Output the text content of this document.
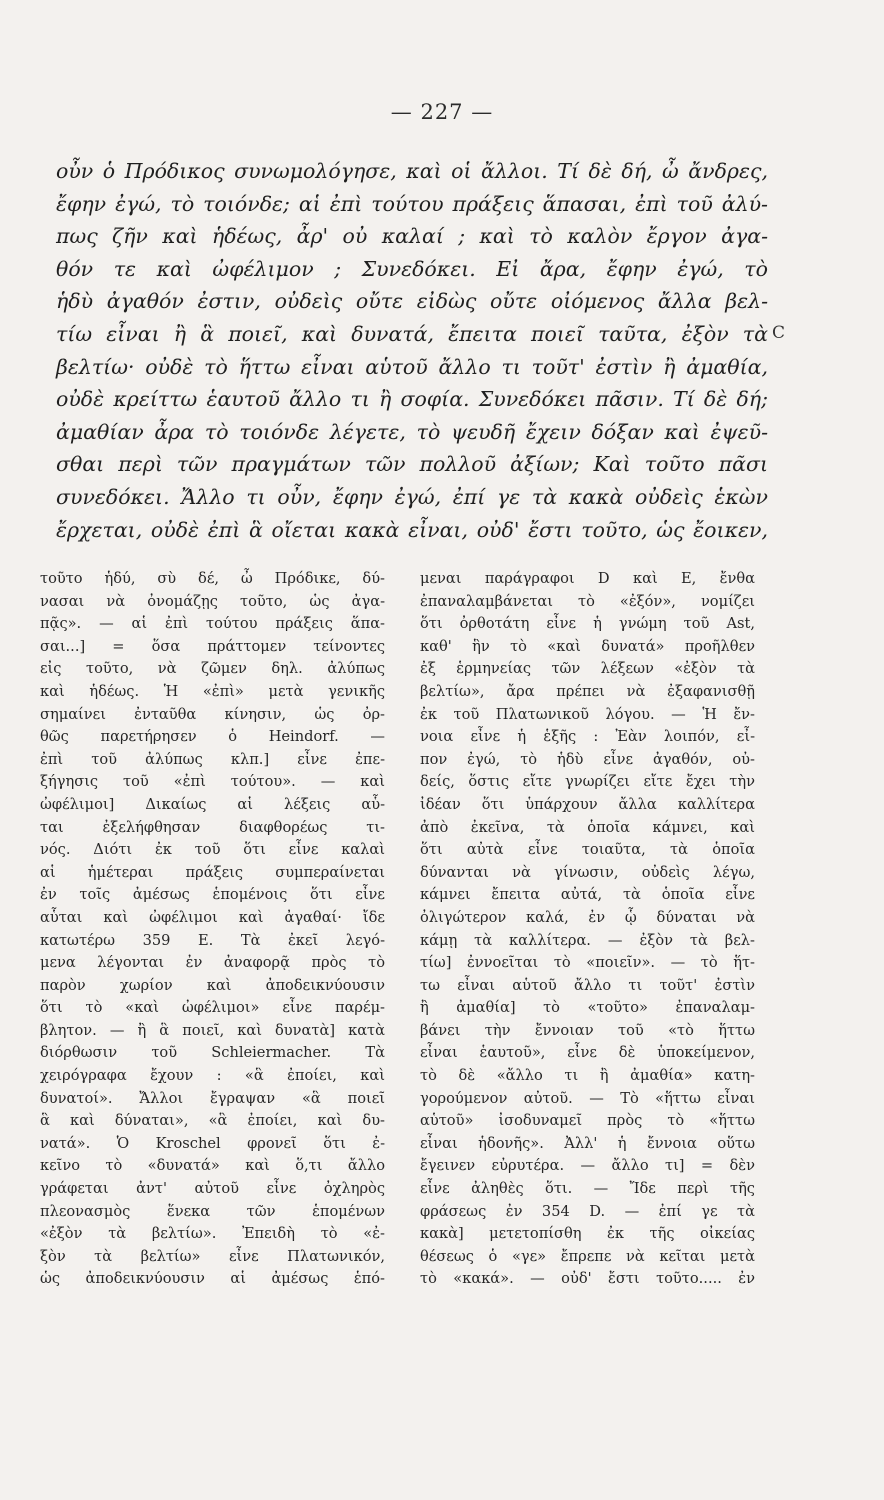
— 227 —
οὖν ὁ Πρόδικος συνωμολόγησε, καὶ οἱ ἄλλοι. Τί δὲ δή, ὦ ἄνδρες,
ἔφην ἐγώ, τὸ τοιόνδε; αἱ ἐπὶ τούτου πράξεις ἅπασαι, ἐπὶ τοῦ ἀλύ-
πως ζῆν καὶ ἡδέως, ἆρ' οὐ καλαί ; καὶ τὸ καλὸν ἔργον ἀγα-
θόν τε καὶ ὠφέλιμον ; Συνεδόκει. Εἰ ἄρα, ἔφην ἐγώ, τὸ
ἡδὺ ἀγαθόν ἐστιν, οὐδεὶς οὔτε εἰδὼς οὔτε οἰόμενος ἄλλα βελ-
τίω εἶναι ἢ ἃ ποιεῖ, καὶ δυνατά, ἔπειτα ποιεῖ ταῦτα, ἐξὸν τὰ
βελτίω· οὐδὲ τὸ ἥττω εἶναι αὑτοῦ ἄλλο τι τοῦτ' ἐστὶν ἢ ἀμαθία,
οὐδὲ κρείττω ἑαυτοῦ ἄλλο τι ἢ σοφία. Συνεδόκει πᾶσιν. Τί δὲ δή;
ἀμαθίαν ἆρα τὸ τοιόνδε λέγετε, τὸ ψευδῆ ἔχειν δόξαν καὶ ἐψεῦ-
σθαι περὶ τῶν πραγμάτων τῶν πολλοῦ ἀξίων; Καὶ τοῦτο πᾶσι
συνεδόκει. Ἄλλο τι οὖν, ἔφην ἐγώ, ἐπί γε τὰ κακὰ οὐδεὶς ἑκὼν
ἔρχεται, οὐδὲ ἐπὶ ἃ οἴεται κακὰ εἶναι, οὐδ' ἔστι τοῦτο, ὡς ἔοικεν,
C
τοῦτο ἡδύ, σὺ δέ, ὦ Πρόδικε, δύ-
νασαι νὰ ὀνομάζῃς τοῦτο, ὡς ἀγα-
πᾷς». — αἱ ἐπὶ τούτου πράξεις ἅπα-
σαι...] = ὅσα πράττομεν τείνοντες
εἰς τοῦτο, νὰ ζῶμεν δηλ. ἀλύπως
καὶ ἡδέως. Ἡ «ἐπὶ» μετὰ γενικῆς
σημαίνει ἐνταῦθα κίνησιν, ὡς ὀρ-
θῶς παρετήρησεν ὁ Heindorf. —
ἐπὶ τοῦ ἀλύπως κλπ.] εἶνε ἐπε-
ξήγησις τοῦ «ἐπὶ τούτου». — καὶ
ὠφέλιμοι] Δικαίως αἱ λέξεις αὗ-
ται ἐξελήφθησαν διαφθορέως τι-
νός. Διότι ἐκ τοῦ ὅτι εἶνε καλαὶ
αἱ ἡμέτεραι πράξεις συμπεραίνεται
ἐν τοῖς ἀμέσως ἑπομένοις ὅτι εἶνε
αὗται καὶ ὠφέλιμοι καὶ ἀγαθαί· ἴδε
κατωτέρω 359 Ε. Τὰ ἐκεῖ λεγό-
μενα λέγονται ἐν ἀναφορᾷ πρὸς τὸ
παρὸν χωρίον καὶ ἀποδεικνύουσιν
ὅτι τὸ «καὶ ὠφέλιμοι» εἶνε παρέμ-
βλητον. — ἢ ἃ ποιεῖ, καὶ δυνατὰ] κατὰ
διόρθωσιν τοῦ Schleiermacher. Τὰ
χειρόγραφα ἔχουν : «ἃ ἐποίει, καὶ
δυνατοί». Ἄλλοι ἔγραψαν «ἃ ποιεῖ
ἃ καὶ δύναται», «ἃ ἐποίει, καὶ δυ-
νατά». Ὁ Kroschel φρονεῖ ὅτι ἐ-
κεῖνο τὸ «δυνατά» καὶ ὅ,τι ἄλλο
γράφεται ἀντ' αὐτοῦ εἶνε ὀχληρὸς
πλεονασμὸς ἕνεκα τῶν ἑπομένων
«ἐξὸν τὰ βελτίω». Ἐπειδὴ τὸ «ἐ-
ξὸν τὰ βελτίω» εἶνε Πλατωνικόν,
ὡς ἀποδεικνύουσιν αἱ ἀμέσως ἑπό-
μεναι παράγραφοι D καὶ E, ἔνθα
ἐπαναλαμβάνεται τὸ «ἐξόν», νομίζει
ὅτι ὀρθοτάτη εἶνε ἡ γνώμη τοῦ Ast,
καθ' ἣν τὸ «καὶ δυνατά» προῆλθεν
ἐξ ἑρμηνείας τῶν λέξεων «ἐξὸν τὰ
βελτίω», ἄρα πρέπει νὰ ἐξαφανισθῇ
ἐκ τοῦ Πλατωνικοῦ λόγου. — Ἡ ἔν-
νοια εἶνε ἡ ἑξῆς : Ἐὰν λοιπόν, εἶ-
πον ἐγώ, τὸ ἡδὺ εἶνε ἀγαθόν, οὐ-
δείς, ὅστις εἴτε γνωρίζει εἴτε ἔχει τὴν
ἰδέαν ὅτι ὑπάρχουν ἄλλα καλλίτερα
ἀπὸ ἐκεῖνα, τὰ ὁποῖα κάμνει, καὶ
ὅτι αὐτὰ εἶνε τοιαῦτα, τὰ ὁποῖα
δύνανται νὰ γίνωσιν, οὐδεὶς λέγω,
κάμνει ἔπειτα αὐτά, τὰ ὁποῖα εἶνε
ὀλιγώτερον καλά, ἐν ᾧ δύναται νὰ
κάμῃ τὰ καλλίτερα. — ἐξὸν τὰ βελ-
τίω] ἐννοεῖται τὸ «ποιεῖν». — τὸ ἥτ-
τω εἶναι αὑτοῦ ἄλλο τι τοῦτ' ἐστὶν
ἢ ἀμαθία] τὸ «τοῦτο» ἐπαναλαμ-
βάνει τὴν ἔννοιαν τοῦ «τὸ ἥττω
εἶναι ἑαυτοῦ», εἶνε δὲ ὑποκείμενον,
τὸ δὲ «ἄλλο τι ἢ ἀμαθία» κατη-
γορούμενον αὐτοῦ. — Τὸ «ἥττω εἶναι
αὑτοῦ» ἰσοδυναμεῖ πρὸς τὸ «ἥττω
εἶναι ἡδονῆς». Ἀλλ' ἡ ἔννοια οὕτω
ἔγεινεν εὐρυτέρα. — ἄλλο τι] = δὲν
εἶνε ἀληθὲς ὅτι. — Ἴδε περὶ τῆς
φράσεως ἐν 354 D. — ἐπί γε τὰ
κακὰ] μετετοπίσθη ἐκ τῆς οἰκείας
θέσεως ὁ «γε» ἔπρεπε νὰ κεῖται μετὰ
τὸ «κακά». — οὐδ' ἔστι τοῦτο..... ἐν
